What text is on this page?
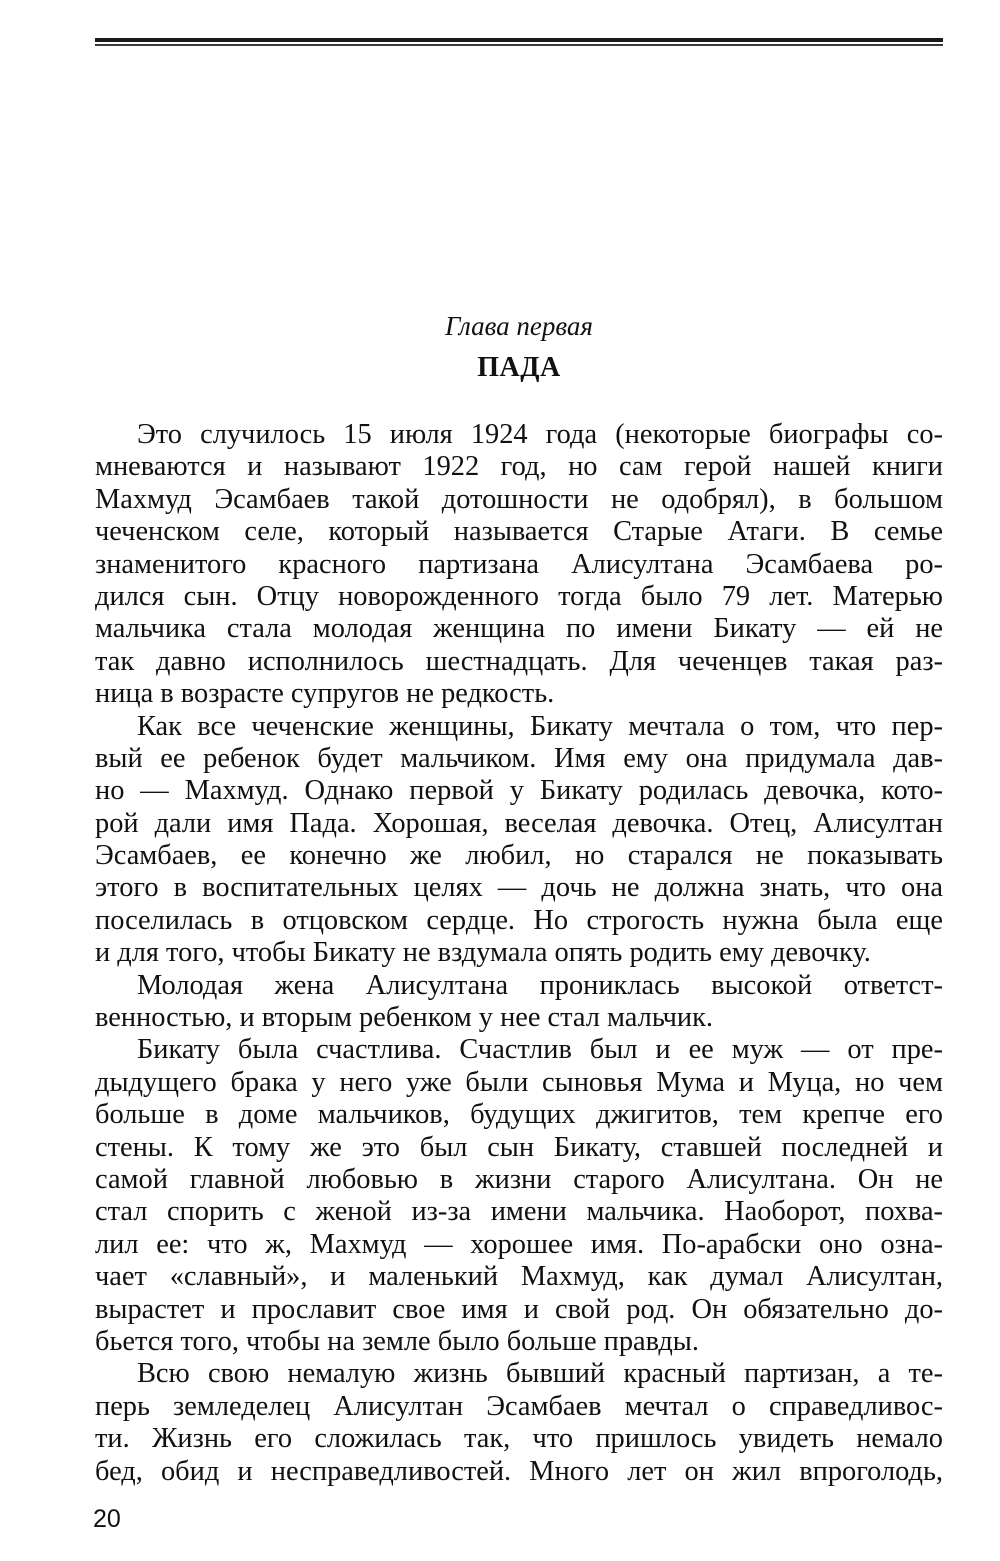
Глава первая
ПАДА
Это случилось 15 июля 1924 года (некоторые биографы со-
мневаются и называют 1922 год, но сам герой нашей книги
Махмуд Эсамбаев такой дотошности не одобрял), в большом
чеченском селе, который называется Старые Атаги. В семье
знаменитого красного партизана Алисултана Эсамбаева ро-
дился сын. Отцу новорожденного тогда было 79 лет. Матерью
мальчика стала молодая женщина по имени Бикату — ей не
так давно исполнилось шестнадцать. Для чеченцев такая раз-
ница в возрасте супругов не редкость.
Как все чеченские женщины, Бикату мечтала о том, что пер-
вый ее ребенок будет мальчиком. Имя ему она придумала дав-
но — Махмуд. Однако первой у Бикату родилась девочка, кото-
рой дали имя Пада. Хорошая, веселая девочка. Отец, Алисултан
Эсамбаев, ее конечно же любил, но старался не показывать
этого в воспитательных целях — дочь не должна знать, что она
поселилась в отцовском сердце. Но строгость нужна была еще
и для того, чтобы Бикату не вздумала опять родить ему девочку.
Молодая жена Алисултана прониклась высокой ответст-
венностью, и вторым ребенком у нее стал мальчик.
Бикату была счастлива. Счастлив был и ее муж — от пре-
дыдущего брака у него уже были сыновья Мума и Муца, но чем
больше в доме мальчиков, будущих джигитов, тем крепче его
стены. К тому же это был сын Бикату, ставшей последней и
самой главной любовью в жизни старого Алисултана. Он не
стал спорить с женой из-за имени мальчика. Наоборот, похва-
лил ее: что ж, Махмуд — хорошее имя. По-арабски оно озна-
чает «славный», и маленький Махмуд, как думал Алисултан,
вырастет и прославит свое имя и свой род. Он обязательно до-
бьется того, чтобы на земле было больше правды.
Всю свою немалую жизнь бывший красный партизан, а те-
перь земледелец Алисултан Эсамбаев мечтал о справедливос-
ти. Жизнь его сложилась так, что пришлось увидеть немало
бед, обид и несправедливостей. Много лет он жил впроголодь,
20
